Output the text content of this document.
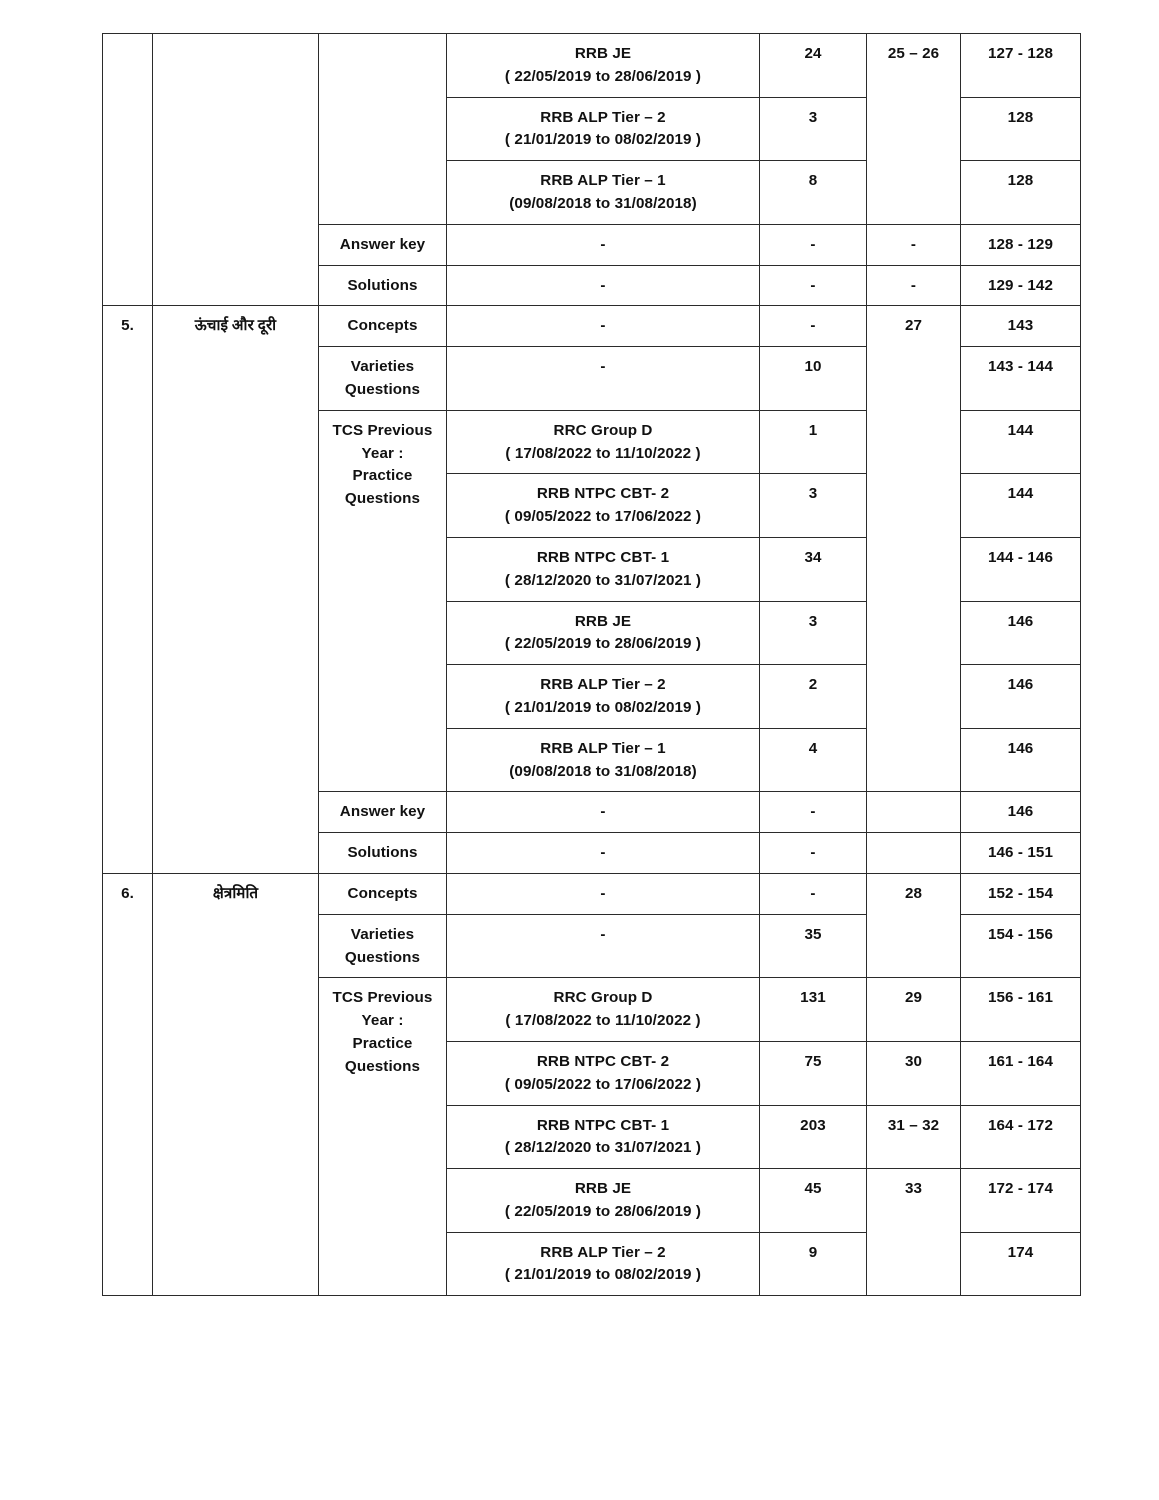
			RRB JE
( 22/05/2019 to 28/06/2019 )	24	25 – 26	127 - 128
			RRB ALP Tier – 2
( 21/01/2019 to 08/02/2019 )	3		128
			RRB ALP Tier – 1
(09/08/2018 to 31/08/2018)	8		128
		Answer key	-	-	-	128 - 129
		Solutions	-	-	-	129 - 142
5.	ऊंचाई और दूरी	Concepts	-	-	27	143
		Varieties
Questions	-	10		143 - 144
		TCS Previous
Year :
Practice
Questions	RRC Group D
( 17/08/2022 to 11/10/2022 )	1		144
			RRB NTPC CBT- 2
( 09/05/2022 to 17/06/2022 )	3		144
			RRB NTPC CBT- 1
( 28/12/2020 to 31/07/2021 )	34		144 - 146
			RRB JE
( 22/05/2019 to 28/06/2019 )	3		146
			RRB ALP Tier – 2
( 21/01/2019 to 08/02/2019 )	2		146
			RRB ALP Tier – 1
(09/08/2018 to 31/08/2018)	4		146
		Answer key	-	-		146
		Solutions	-	-		146 - 151
6.	क्षेत्रमिति	Concepts	-	-	28	152 - 154
		Varieties
Questions	-	35		154 - 156
		TCS Previous
Year :
Practice
Questions	RRC Group D
( 17/08/2022 to 11/10/2022 )	131	29	156 - 161
			RRB NTPC CBT- 2
( 09/05/2022 to 17/06/2022 )	75	30	161 - 164
			RRB NTPC CBT- 1
( 28/12/2020 to 31/07/2021 )	203	31 – 32	164 - 172
			RRB JE
( 22/05/2019 to 28/06/2019 )	45	33	172 - 174
			RRB ALP Tier – 2
( 21/01/2019 to 08/02/2019 )	9		174
